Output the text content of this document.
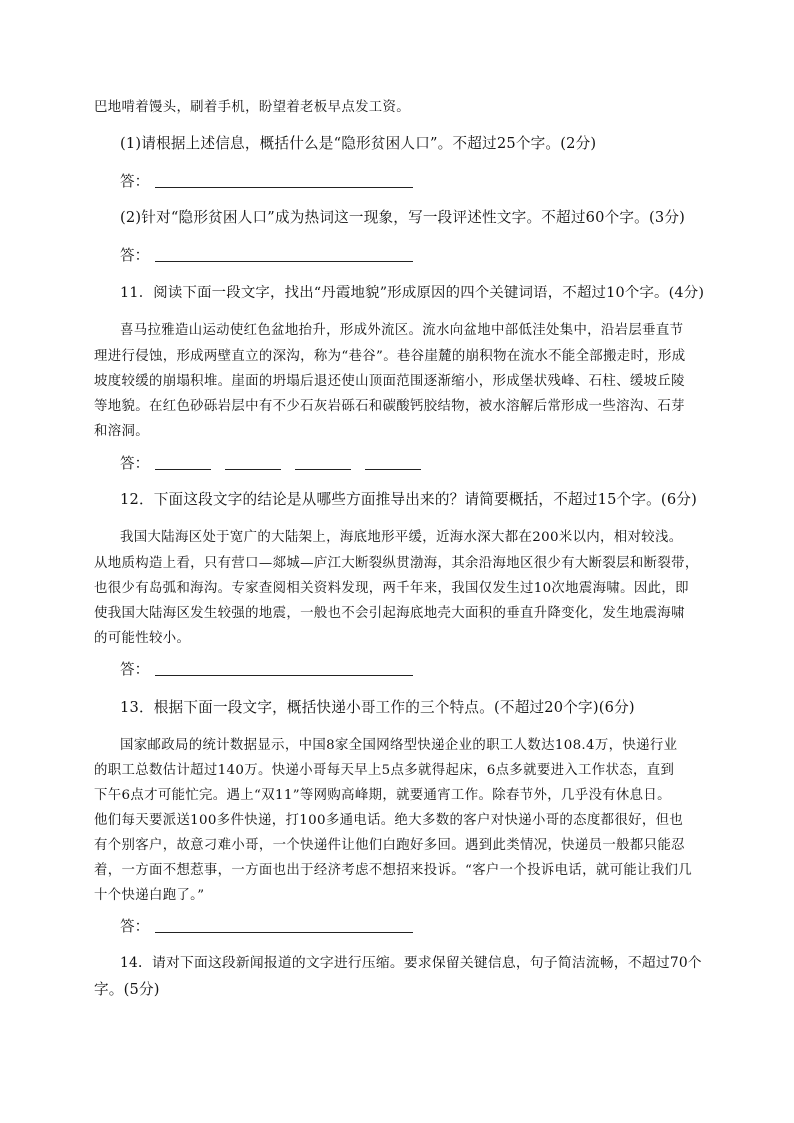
巴地啃着馒头，刷着手机，盼望着老板早点发工资。
(1)请根据上述信息，概括什么是“隐形贫困人口”。不超过25个字。(2分)
答：
(2)针对“隐形贫困人口”成为热词这一现象，写一段评述性文字。不超过60个字。(3分)
答：
11．阅读下面一段文字，找出“丹霞地貌”形成原因的四个关键词语，不超过10个字。(4分)
喜马拉雅造山运动使红色盆地抬升，形成外流区。流水向盆地中部低洼处集中，沿岩层垂直节
理进行侵蚀，形成两壁直立的深沟，称为“巷谷”。巷谷崖麓的崩积物在流水不能全部搬走时，形成
坡度较缓的崩塌积堆。崖面的坍塌后退还使山顶面范围逐渐缩小，形成堡状残峰、石柱、缓坡丘陵
等地貌。在红色砂砾岩层中有不少石灰岩砾石和碳酸钙胶结物，被水溶解后常形成一些溶沟、石芽
和溶洞。
答：
12．下面这段文字的结论是从哪些方面推导出来的？请简要概括，不超过15个字。(6分)
我国大陆海区处于宽广的大陆架上，海底地形平缓，近海水深大都在200米以内，相对较浅。
从地质构造上看，只有营口—郯城—庐江大断裂纵贯渤海，其余沿海地区很少有大断裂层和断裂带，
也很少有岛弧和海沟。专家查阅相关资料发现，两千年来，我国仅发生过10次地震海啸。因此，即
使我国大陆海区发生较强的地震，一般也不会引起海底地壳大面积的垂直升降变化，发生地震海啸
的可能性较小。
答：
13．根据下面一段文字，概括快递小哥工作的三个特点。(不超过20个字)(6分)
国家邮政局的统计数据显示，中国8家全国网络型快递企业的职工人数达108.4万，快递行业
的职工总数估计超过140万。快递小哥每天早上5点多就得起床，6点多就要进入工作状态，直到
下午6点才可能忙完。遇上“双11”等网购高峰期，就要通宵工作。除春节外，几乎没有休息日。
他们每天要派送100多件快递，打100多通电话。绝大多数的客户对快递小哥的态度都很好，但也
有个别客户，故意刁难小哥，一个快递件让他们白跑好多回。遇到此类情况，快递员一般都只能忍
着，一方面不想惹事，一方面也出于经济考虑不想招来投诉。“客户一个投诉电话，就可能让我们几
十个快递白跑了。”
答：
14．请对下面这段新闻报道的文字进行压缩。要求保留关键信息，句子简洁流畅，不超过70个
字。(5分)
